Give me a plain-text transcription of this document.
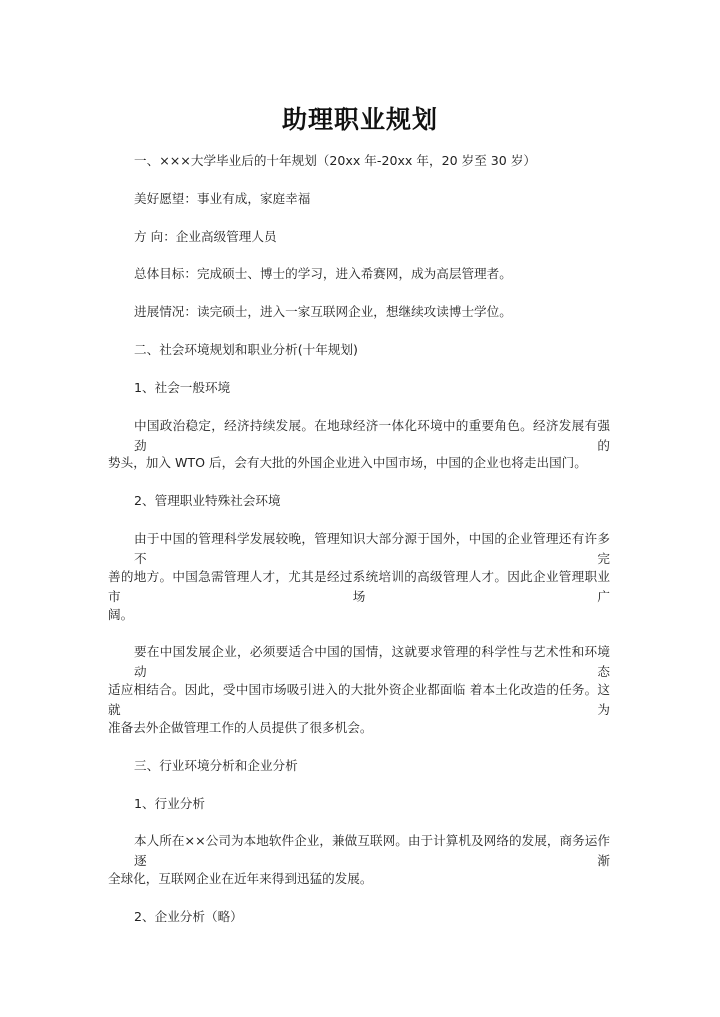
助理职业规划
一、×××大学毕业后的十年规划（20xx 年-20xx 年，20 岁至 30 岁）
美好愿望：事业有成，家庭幸福
方 向：企业高级管理人员
总体目标：完成硕士、博士的学习，进入希赛网，成为高层管理者。
进展情况：读完硕士，进入一家互联网企业，想继续攻读博士学位。
二、社会环境规划和职业分析(十年规划)
1、社会一般环境
中国政治稳定，经济持续发展。在地球经济一体化环境中的重要角色。经济发展有强劲的
势头，加入 WTO 后，会有大批的外国企业进入中国市场，中国的企业也将走出国门。
2、管理职业特殊社会环境
由于中国的管理科学发展较晚，管理知识大部分源于国外，中国的企业管理还有许多不完
善的地方。中国急需管理人才，尤其是经过系统培训的高级管理人才。因此企业管理职业市场广
阔。
要在中国发展企业，必须要适合中国的国情，这就要求管理的科学性与艺术性和环境动态
适应相结合。因此，受中国市场吸引进入的大批外资企业都面临 着本土化改造的任务。这就为
准备去外企做管理工作的人员提供了很多机会。
三、行业环境分析和企业分析
1、行业分析
本人所在××公司为本地软件企业，兼做互联网。由于计算机及网络的发展，商务运作逐渐
全球化，互联网企业在近年来得到迅猛的发展。
2、企业分析（略）
